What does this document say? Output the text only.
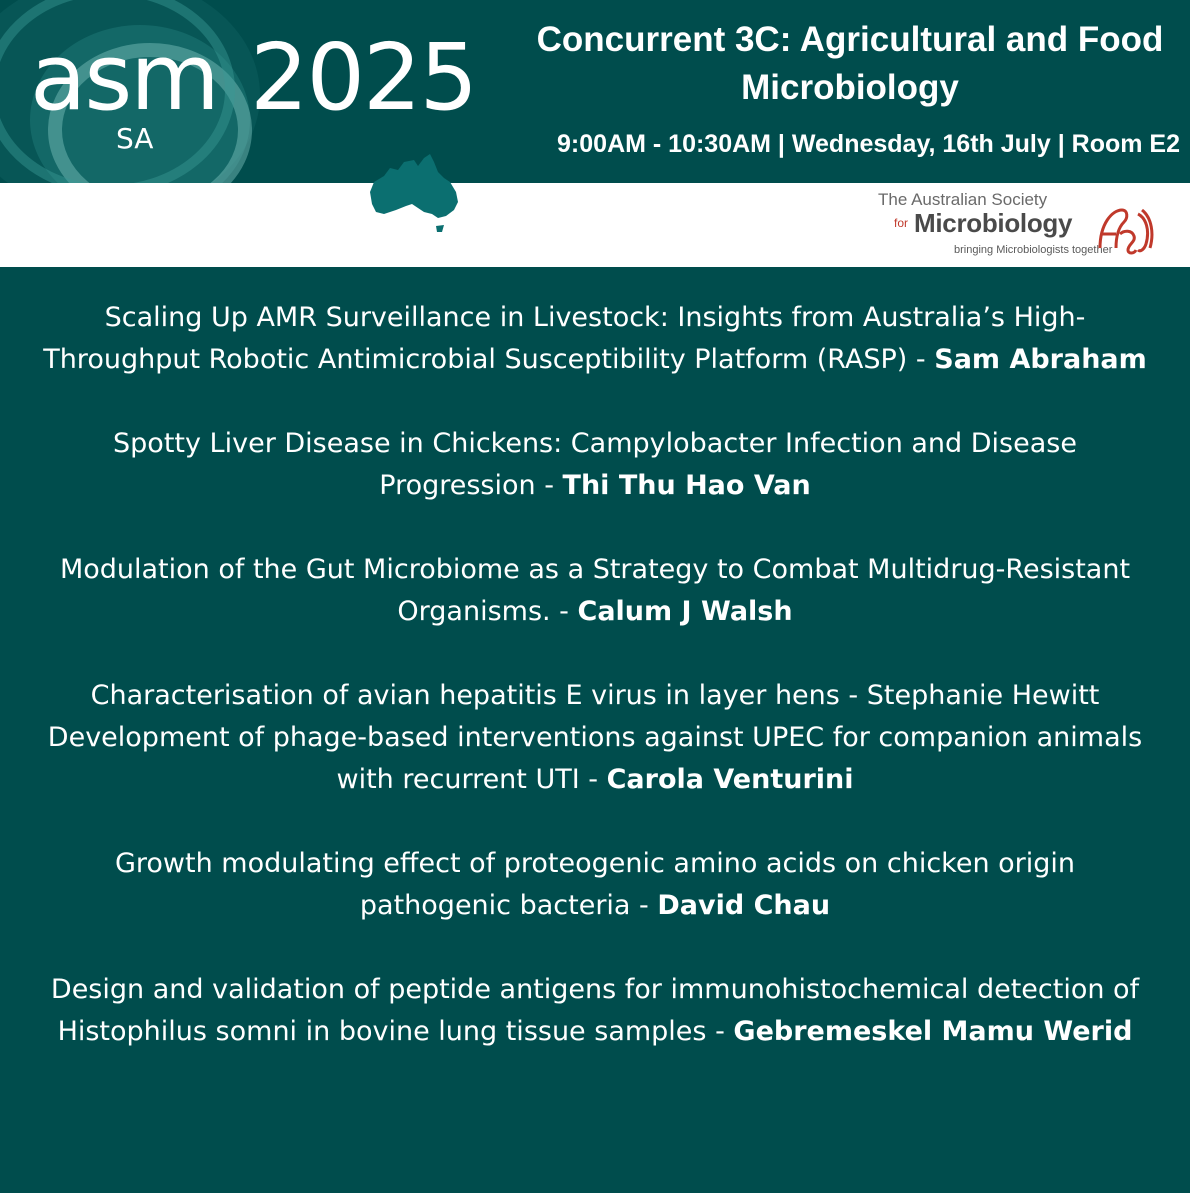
asm 2025
SA
Concurrent 3C: Agricultural and Food Microbiology
9:00AM - 10:30AM | Wednesday, 16th July | Room E2
The Australian Society
for Microbiology
bringing Microbiologists together
Scaling Up AMR Surveillance in Livestock: Insights from Australia’s High-Throughput Robotic Antimicrobial Susceptibility Platform (RASP) - Sam Abraham
Spotty Liver Disease in Chickens: Campylobacter Infection and Disease Progression - Thi Thu Hao Van
Modulation of the Gut Microbiome as a Strategy to Combat Multidrug-Resistant Organisms. - Calum J Walsh
Characterisation of avian hepatitis E virus in layer hens - Stephanie Hewitt
Development of phage-based interventions against UPEC for companion animals with recurrent UTI - Carola Venturini
Growth modulating effect of proteogenic amino acids on chicken origin pathogenic bacteria - David Chau
Design and validation of peptide antigens for immunohistochemical detection of Histophilus somni in bovine lung tissue samples - Gebremeskel Mamu Werid
